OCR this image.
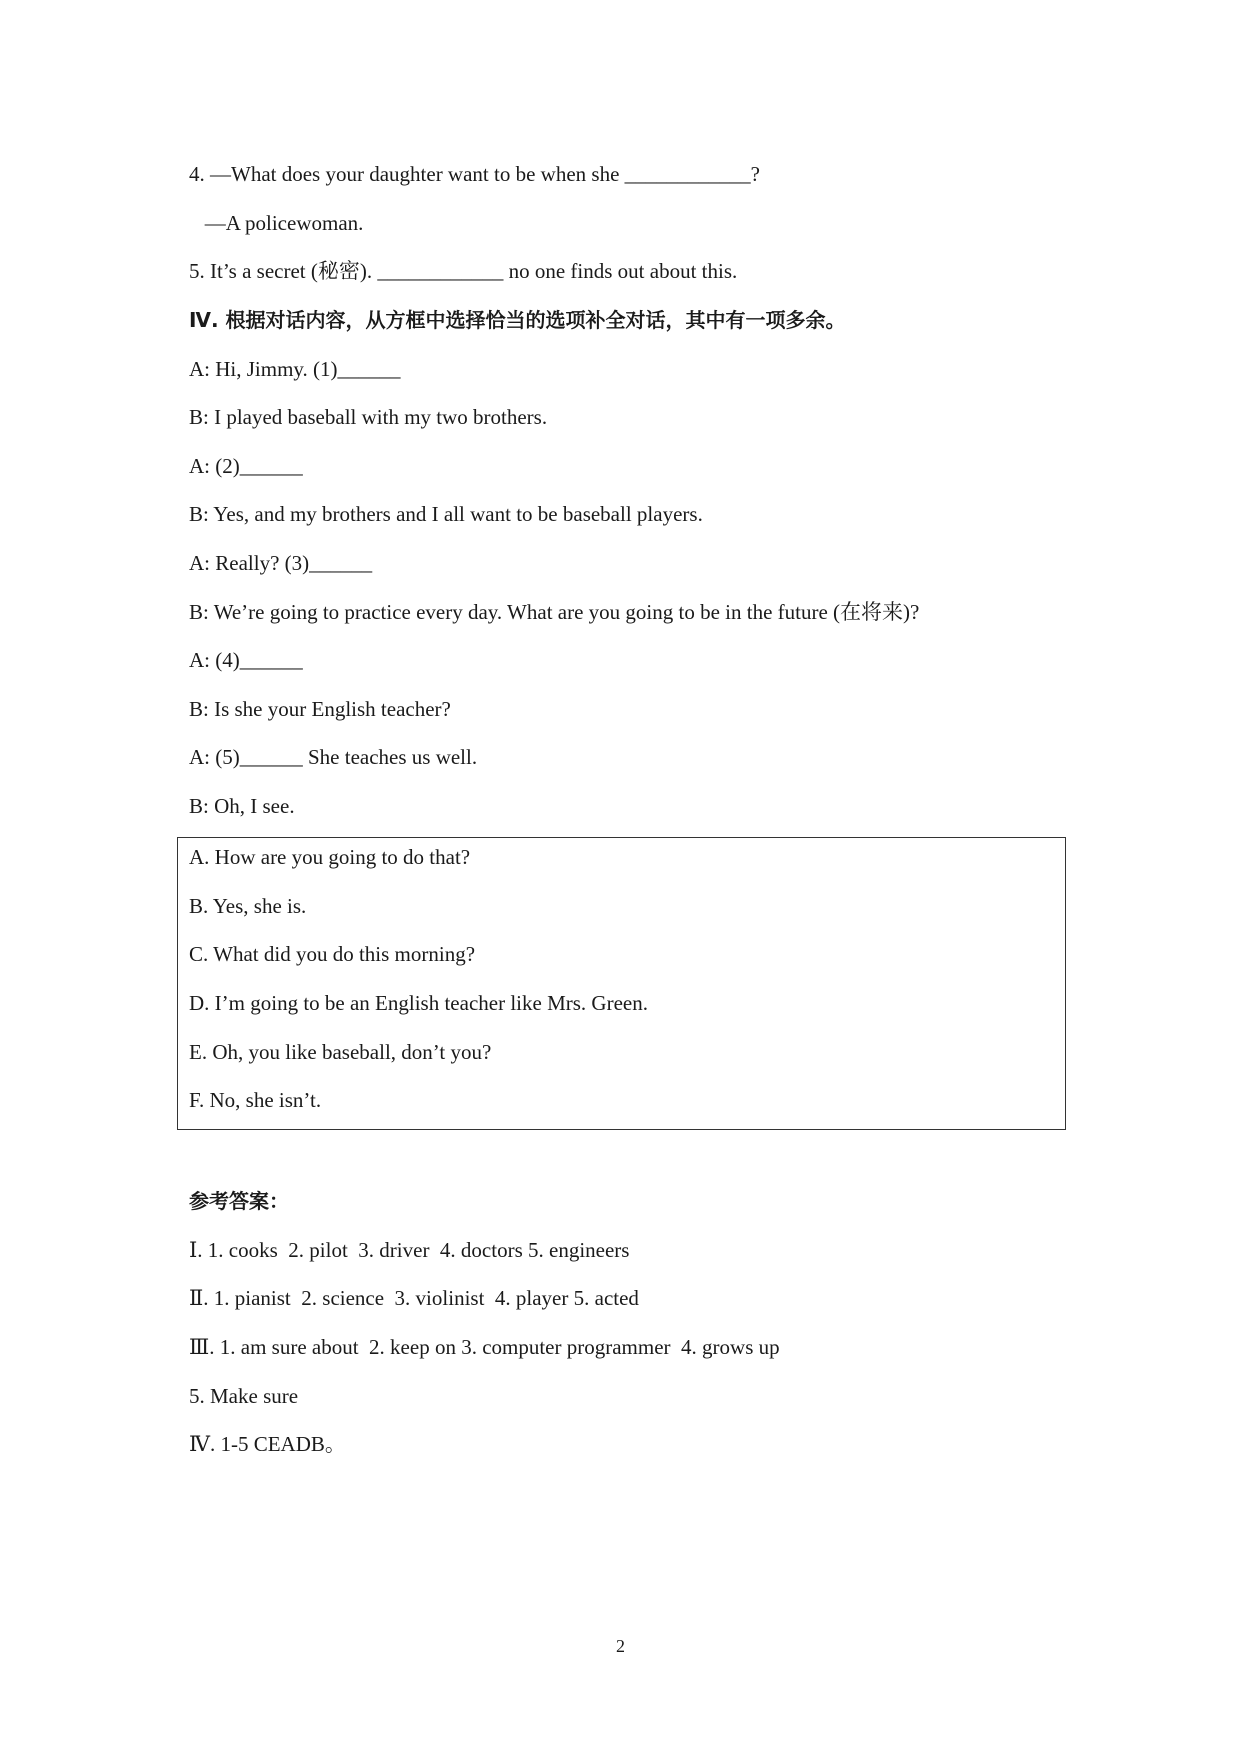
4. —What does your daughter want to be when she ____________?
—A policewoman.
5. It’s a secret (秘密). ____________ no one finds out about this.
Ⅳ. 根据对话内容，从方框中选择恰当的选项补全对话，其中有一项多余。
A: Hi, Jimmy. (1)______
B: I played baseball with my two brothers.
A: (2)______
B: Yes, and my brothers and I all want to be baseball players.
A: Really? (3)______
B: We’re going to practice every day. What are you going to be in the future (在将来)?
A: (4)______
B: Is she your English teacher?
A: (5)______ She teaches us well.
B: Oh, I see.
A. How are you going to do that?
B. Yes, she is.
C. What did you do this morning?
D. I’m going to be an English teacher like Mrs. Green.
E. Oh, you like baseball, don’t you?
F. No, she isn’t.
参考答案：
Ⅰ. 1. cooks  2. pilot  3. driver  4. doctors 5. engineers
Ⅱ. 1. pianist  2. science  3. violinist  4. player 5. acted
Ⅲ. 1. am sure about  2. keep on 3. computer programmer  4. grows up
5. Make sure
Ⅳ. 1-5 CEADB。
2
